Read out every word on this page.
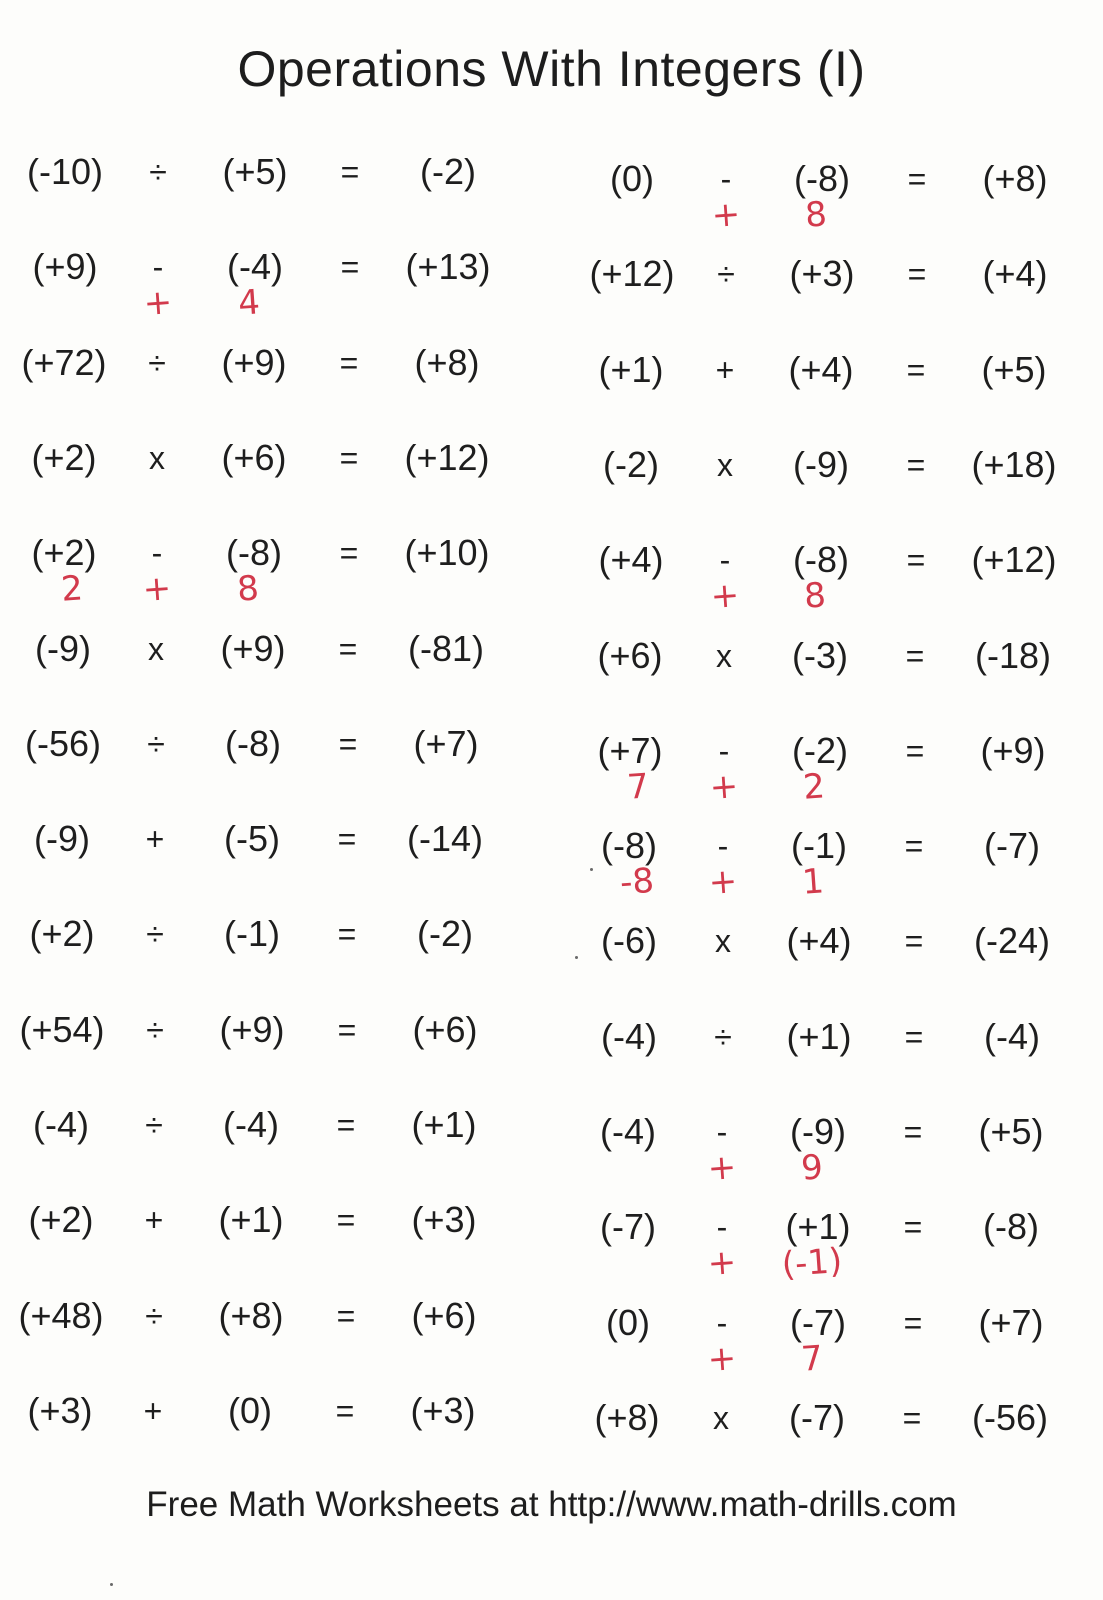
Operations With Integers (I)
(-10) ÷ (+5) = (-2)
(+9) - (-4) = (+13)
+ 4
(+72) ÷ (+9) = (+8)
(+2) x (+6) = (+12)
(+2) - (-8) = (+10)
2 + 8
(-9) x (+9) = (-81)
(-56) ÷ (-8) = (+7)
(-9) + (-5) = (-14)
(+2) ÷ (-1) = (-2)
(+54) ÷ (+9) = (+6)
(-4) ÷ (-4) = (+1)
(+2) + (+1) = (+3)
(+48) ÷ (+8) = (+6)
(+3) + (0) = (+3)
(0) - (-8) = (+8)
+ 8
(+12) ÷ (+3) = (+4)
(+1) + (+4) = (+5)
(-2) x (-9) = (+18)
(+4) - (-8) = (+12)
+ 8
(+6) x (-3) = (-18)
(+7) - (-2) = (+9)
7 + 2
(-8) - (-1) = (-7)
-8 + 1
(-6) x (+4) = (-24)
(-4) ÷ (+1) = (-4)
(-4) - (-9) = (+5)
+ 9
(-7) - (+1) = (-8)
+ (-1)
(0) - (-7) = (+7)
+ 7
(+8) x (-7) = (-56)
Free Math Worksheets at http://www.math-drills.com
